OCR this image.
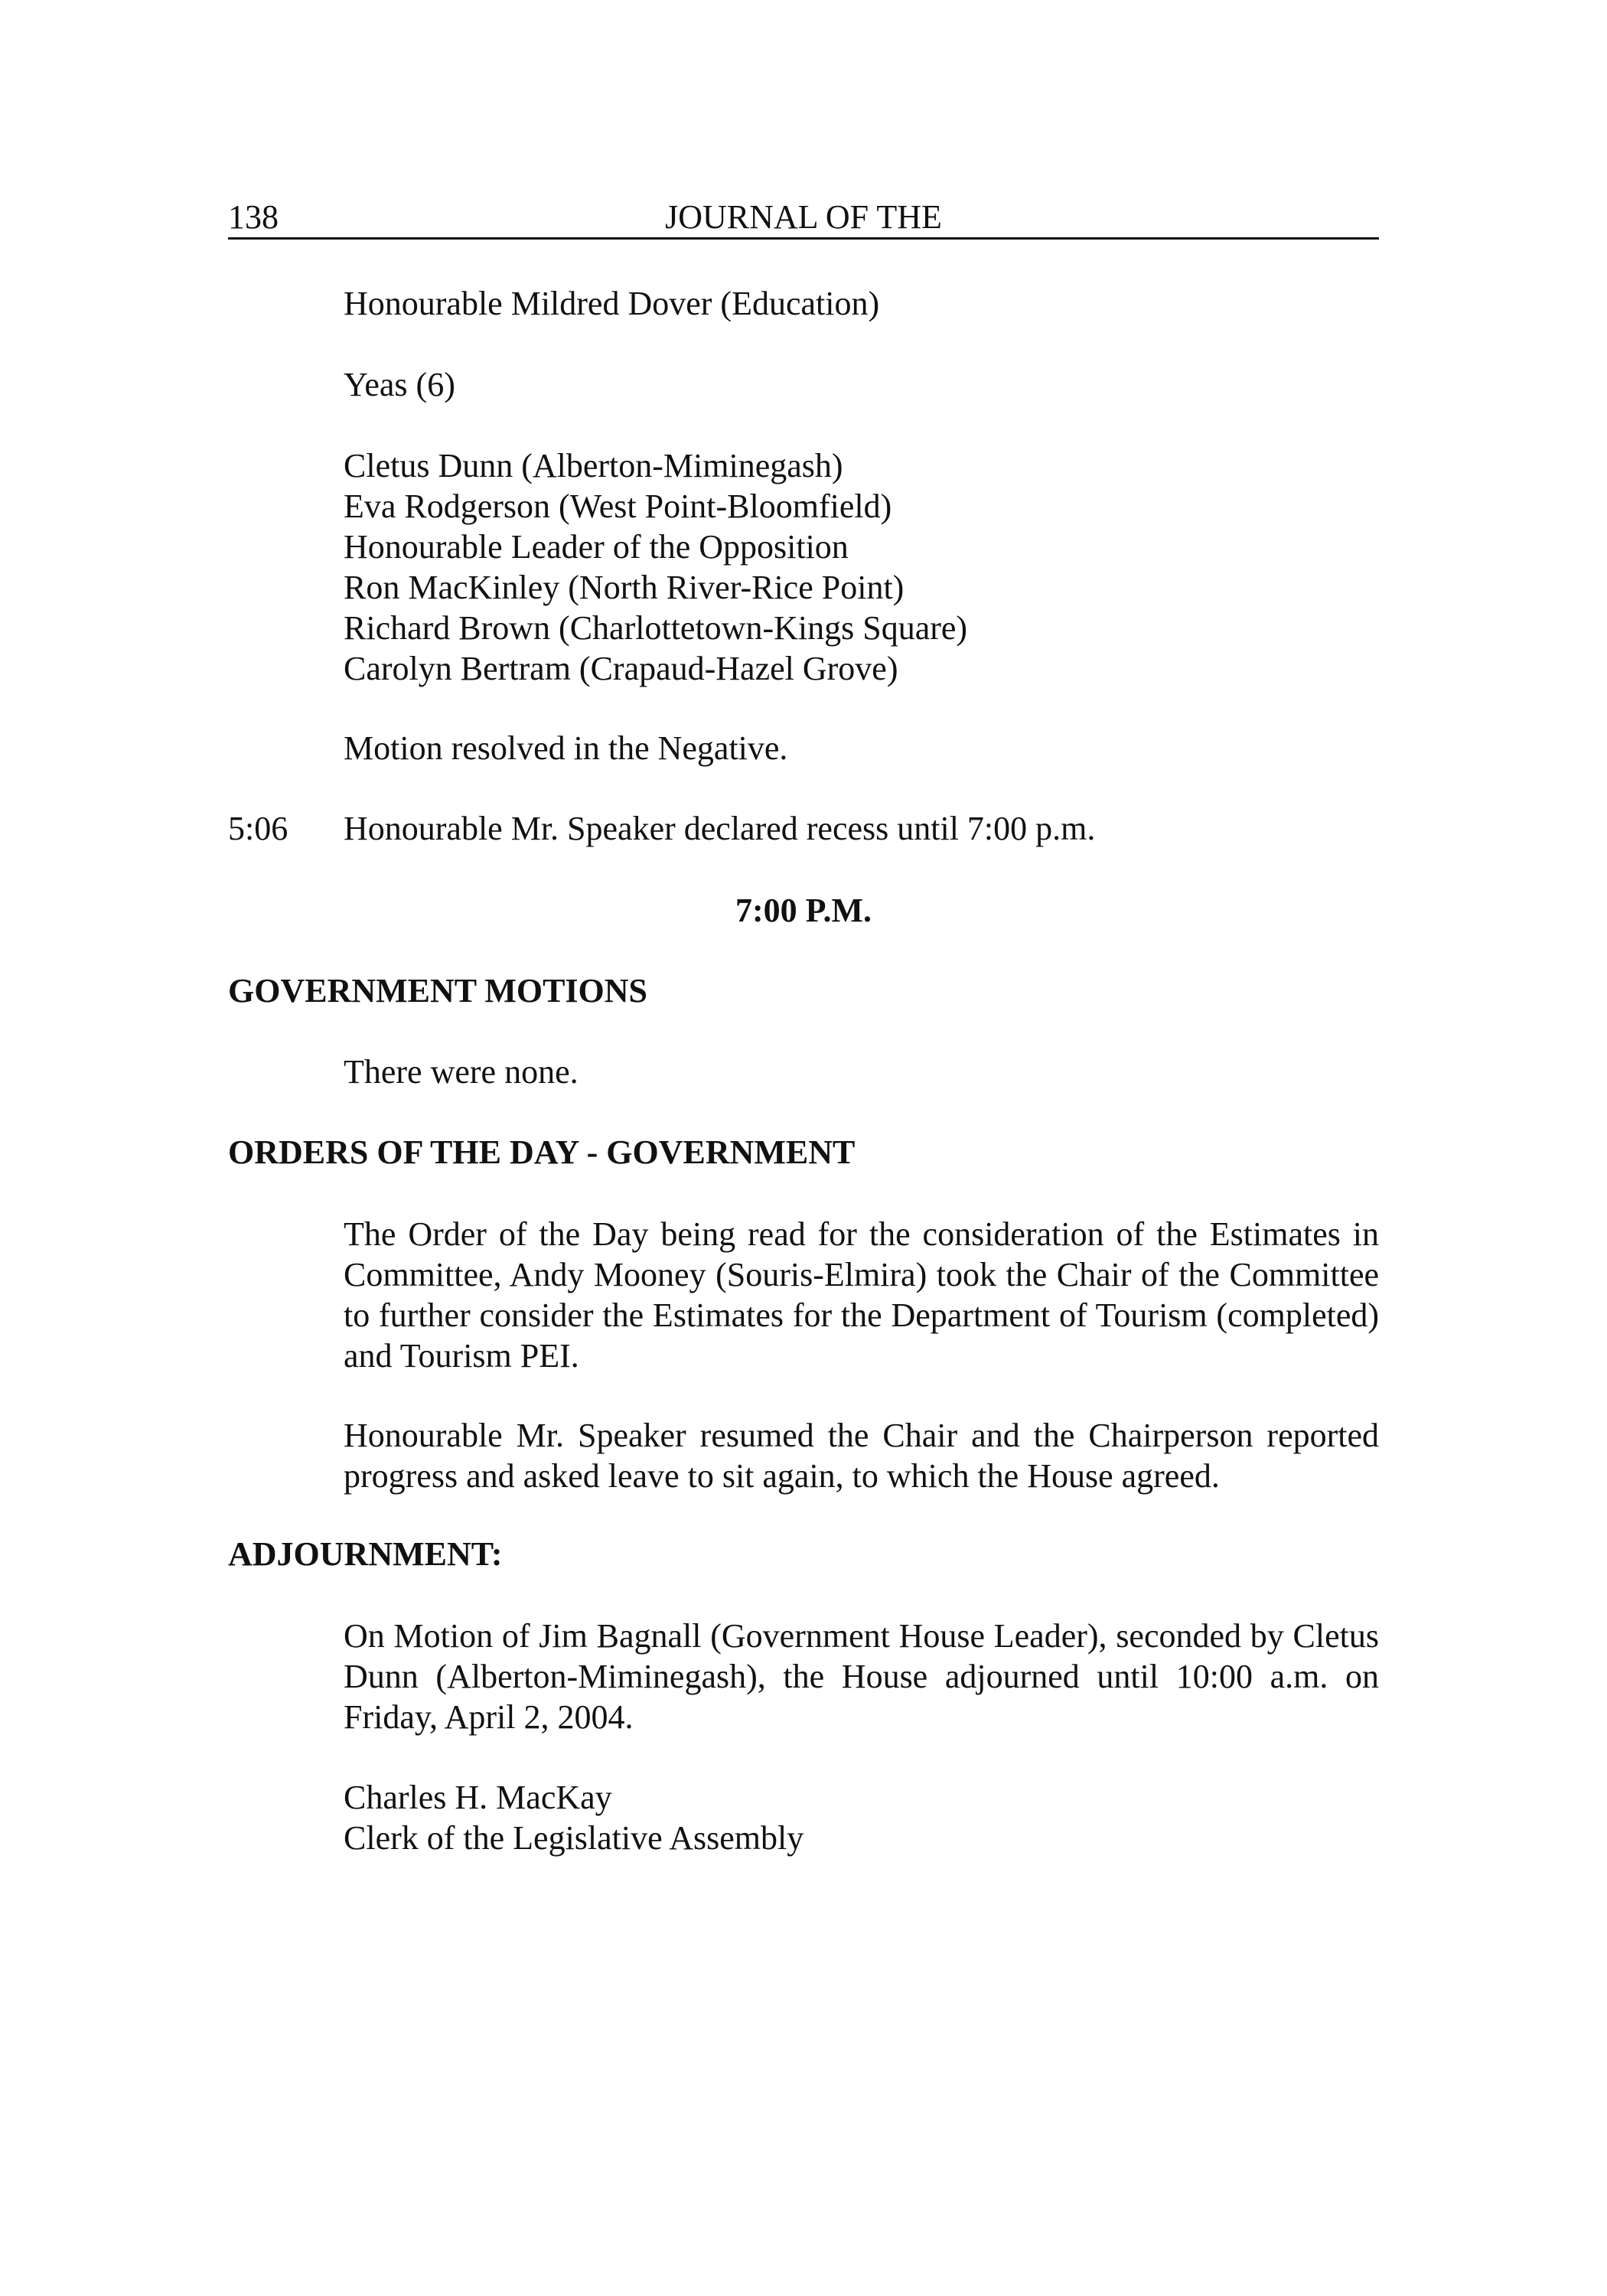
138	JOURNAL OF THE

Honourable Mildred Dover (Education)

Yeas (6)

Cletus Dunn (Alberton-Miminegash)
Eva Rodgerson (West Point-Bloomfield)
Honourable Leader of the Opposition
Ron MacKinley (North River-Rice Point)
Richard Brown (Charlottetown-Kings Square)
Carolyn Bertram (Crapaud-Hazel Grove)

Motion resolved in the Negative.

5:06 Honourable Mr. Speaker declared recess until 7:00 p.m.

7:00 P.M.

GOVERNMENT MOTIONS

There were none.

ORDERS OF THE DAY - GOVERNMENT

The Order of the Day being read for the consideration of the Estimates in Committee, Andy Mooney (Souris-Elmira) took the Chair of the Committee to further consider the Estimates for the Department of Tourism (completed) and Tourism PEI.

Honourable Mr. Speaker resumed the Chair and the Chairperson reported progress and asked leave to sit again, to which the House agreed.

ADJOURNMENT:

On Motion of Jim Bagnall (Government House Leader), seconded by Cletus Dunn (Alberton-Miminegash), the House adjourned until 10:00 a.m. on Friday, April 2, 2004.

Charles H. MacKay
Clerk of the Legislative Assembly
